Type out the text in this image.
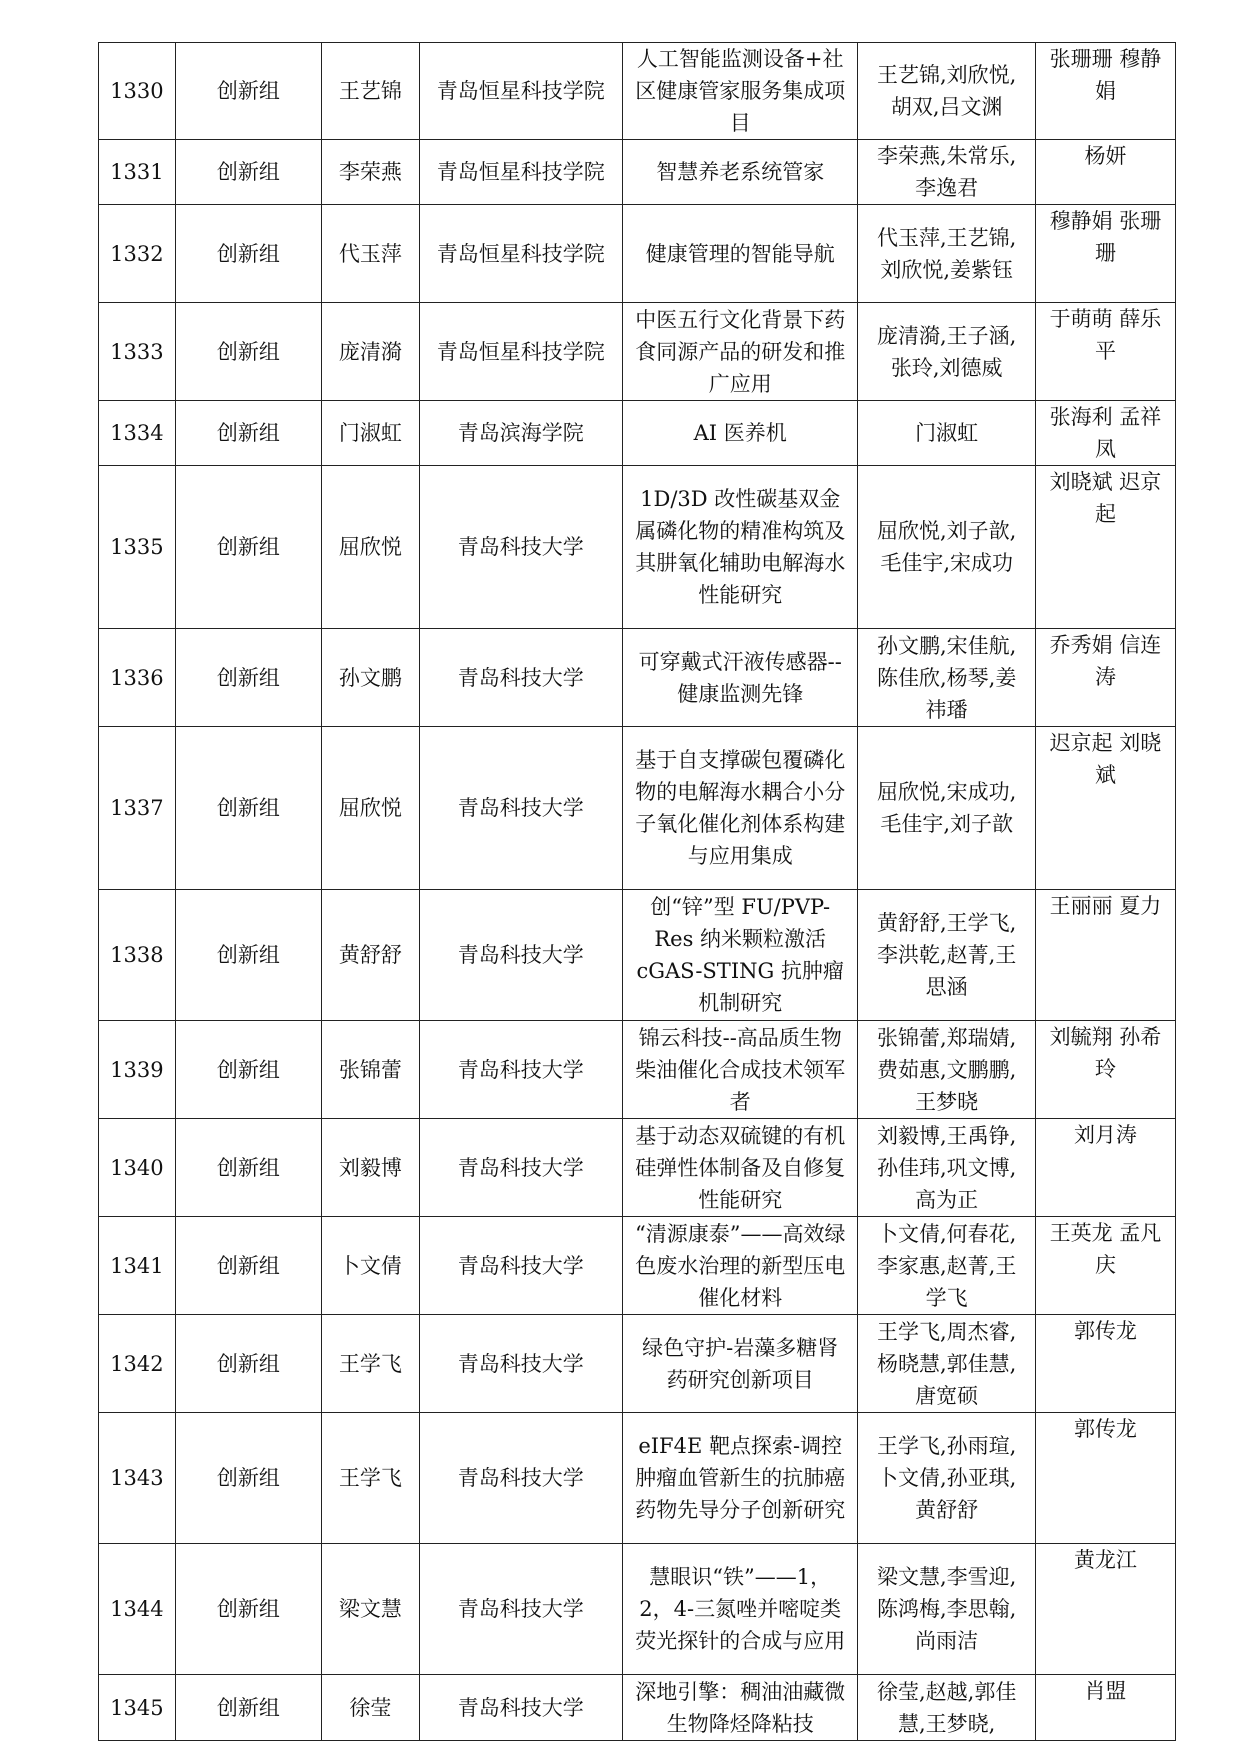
1330	创新组	王艺锦	青岛恒星科技学院	人工智能监测设备+社区健康管家服务集成项目	王艺锦,刘欣悦,胡双,吕文渊	张珊珊 穆静娟
1331	创新组	李荣燕	青岛恒星科技学院	智慧养老系统管家	李荣燕,朱常乐,李逸君	杨妍
1332	创新组	代玉萍	青岛恒星科技学院	健康管理的智能导航	代玉萍,王艺锦,刘欣悦,姜紫钰	穆静娟 张珊珊
1333	创新组	庞清漪	青岛恒星科技学院	中医五行文化背景下药食同源产品的研发和推广应用	庞清漪,王子涵,张玲,刘德威	于萌萌 薛乐平
1334	创新组	门淑虹	青岛滨海学院	AI 医养机	门淑虹	张海利 孟祥凤
1335	创新组	屈欣悦	青岛科技大学	1D/3D 改性碳基双金属磷化物的精准构筑及其肼氧化辅助电解海水性能研究	屈欣悦,刘子歆,毛佳宇,宋成功	刘晓斌 迟京起
1336	创新组	孙文鹏	青岛科技大学	可穿戴式汗液传感器--健康监测先锋	孙文鹏,宋佳航,陈佳欣,杨琴,姜祎璠	乔秀娟 信连涛
1337	创新组	屈欣悦	青岛科技大学	基于自支撑碳包覆磷化物的电解海水耦合小分子氧化催化剂体系构建与应用集成	屈欣悦,宋成功,毛佳宇,刘子歆	迟京起 刘晓斌
1338	创新组	黄舒舒	青岛科技大学	创“锌”型 FU/PVP-Res 纳米颗粒激活 cGAS-STING 抗肿瘤机制研究	黄舒舒,王学飞,李洪乾,赵菁,王思涵	王丽丽 夏力
1339	创新组	张锦蕾	青岛科技大学	锦云科技--高品质生物柴油催化合成技术领军者	张锦蕾,郑瑞婧,费茹惠,文鹏鹏,王梦晓	刘毓翔 孙希玲
1340	创新组	刘毅博	青岛科技大学	基于动态双硫键的有机硅弹性体制备及自修复性能研究	刘毅博,王禹铮,孙佳玮,巩文博,高为正	刘月涛
1341	创新组	卜文倩	青岛科技大学	“清源康泰”——高效绿色废水治理的新型压电催化材料	卜文倩,何春花,李家惠,赵菁,王学飞	王英龙 孟凡庆
1342	创新组	王学飞	青岛科技大学	绿色守护-岩藻多糖肾药研究创新项目	王学飞,周杰睿,杨晓慧,郭佳慧,唐宽硕	郭传龙
1343	创新组	王学飞	青岛科技大学	eIF4E 靶点探索-调控肿瘤血管新生的抗肺癌药物先导分子创新研究	王学飞,孙雨瑄,卜文倩,孙亚琪,黄舒舒	郭传龙
1344	创新组	梁文慧	青岛科技大学	慧眼识“铁”——1，2，4-三氮唑并嘧啶类荧光探针的合成与应用	梁文慧,李雪迎,陈鸿梅,李思翰,尚雨洁	黄龙江
1345	创新组	徐莹	青岛科技大学	深地引擎：稠油油藏微生物降烃降粘技	徐莹,赵越,郭佳慧,王梦晓,	肖盟
